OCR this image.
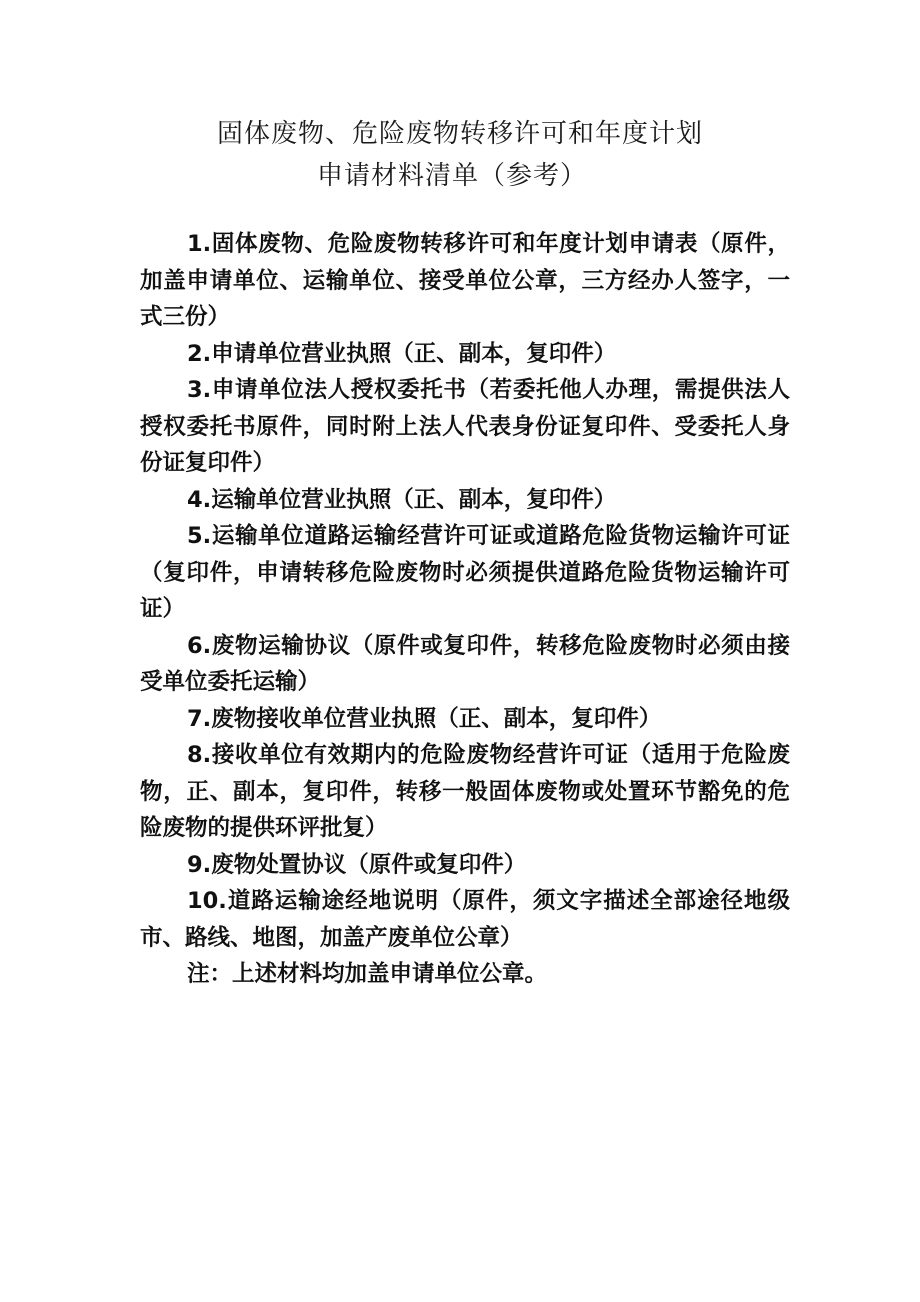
固体废物、危险废物转移许可和年度计划
申请材料清单（参考）

1.固体废物、危险废物转移许可和年度计划申请表（原件，加盖申请单位、运输单位、接受单位公章，三方经办人签字，一式三份）

2.申请单位营业执照（正、副本，复印件）

3.申请单位法人授权委托书（若委托他人办理，需提供法人授权委托书原件，同时附上法人代表身份证复印件、受委托人身份证复印件）

4.运输单位营业执照（正、副本，复印件）

5.运输单位道路运输经营许可证或道路危险货物运输许可证（复印件，申请转移危险废物时必须提供道路危险货物运输许可证）

6.废物运输协议（原件或复印件，转移危险废物时必须由接受单位委托运输）

7.废物接收单位营业执照（正、副本，复印件）

8.接收单位有效期内的危险废物经营许可证（适用于危险废物，正、副本，复印件，转移一般固体废物或处置环节豁免的危险废物的提供环评批复）

9.废物处置协议（原件或复印件）

10.道路运输途经地说明（原件，须文字描述全部途径地级市、路线、地图，加盖产废单位公章）

注：上述材料均加盖申请单位公章。
